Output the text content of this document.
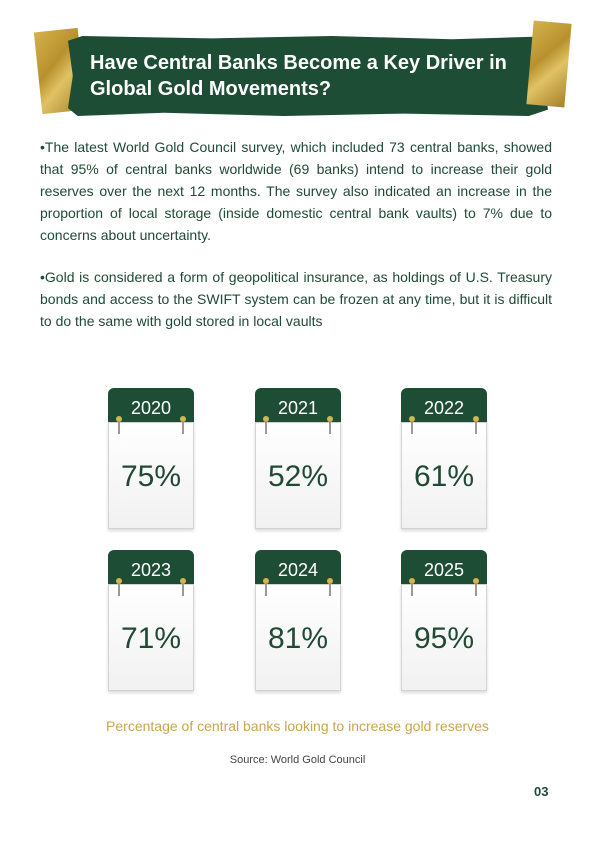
Have Central Banks Become a Key Driver in Global Gold Movements?

•The latest World Gold Council survey, which included 73 central banks, showed that 95% of central banks worldwide (69 banks) intend to increase their gold reserves over the next 12 months. The survey also indicated an increase in the proportion of local storage (inside domestic central bank vaults) to 7% due to concerns about uncertainty.

•Gold is considered a form of geopolitical insurance, as holdings of U.S. Treasury bonds and access to the SWIFT system can be frozen at any time, but it is difficult to do the same with gold stored in local vaults

2020
75%
2021
52%
2022
61%
2023
71%
2024
81%
2025
95%
Percentage of central banks looking to increase gold reserves
Source: World Gold Council
03
